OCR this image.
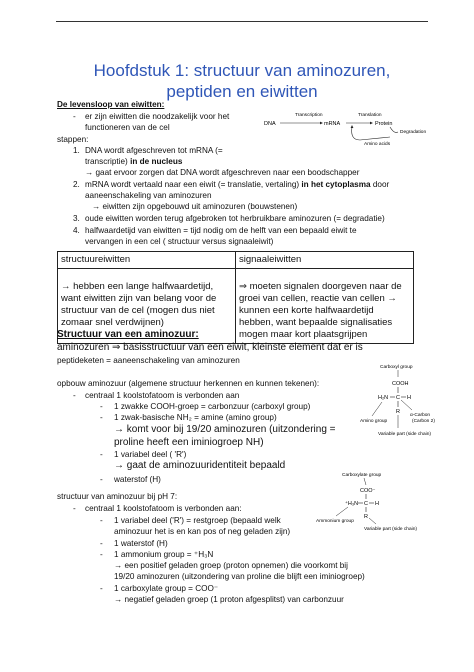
Hoofdstuk 1: structuur van aminozuren,
peptiden en eiwitten
De levensloop van eiwitten:
- er zijn eiwitten die noodzakelijk voor het
functioneren van de cel
stappen:
1. DNA wordt afgeschreven tot mRNA (=
transcriptie) in de nucleus
→ gaat ervoor zorgen dat DNA wordt afgeschreven naar een boodschapper
2. mRNA wordt vertaald naar een eiwit (= translatie, vertaling) in het cytoplasma door
aaneenschakeling van aminozuren
→ eiwitten zijn opgebouwd uit aminozuren (bouwstenen)
3. oude eiwitten worden terug afgebroken tot herbruikbare aminozuren (= degradatie)
4. halfwaardetijd van eiwitten = tijd nodig om de helft van een bepaald eiwit te
vervangen in een cel ( structuur versus signaaleiwit)
DNA
Transcription
mRNA
Translation
Protein
Degradation
Amino acids
structuureiwitten	signaaleiwitten
→ hebben een lange halfwaardetijd, want eiwitten zijn van belang voor de structuur van de cel (mogen dus niet zomaar snel verdwijnen)	⇒ moeten signalen doorgeven naar de groei van cellen, reactie van cellen → kunnen een korte halfwaardetijd hebben, want bepaalde signalisaties mogen maar kort plaatsgrijpen
Structuur van een aminozuur:
aminozuren ⇒ basisstructuur van een eiwit, kleinste element dat er is
peptideketen = aaneenschakeling van aminozuren
opbouw aminozuur (algemene structuur herkennen en kunnen tekenen):
- centraal 1 koolstofatoom is verbonden aan
- 1 zwakke COOH-groep = carbonzuur (carboxyl group)
- 1 zwak-basische NH₂ = amine (amino group)
→ komt voor bij 19/20 aminozuren (uitzondering =
proline heeft een iminiogroep NH)
- 1 variabel deel ( 'R')
→ gaat de aminozuuridentiteit bepaald
- waterstof (H)
Carboxyl group
COOH
H₂N C H
R
Amino group
α-Carbon
(Carbon 2)
Variable part (side chain)
structuur van aminozuur bij pH 7:
- centraal 1 koolstofatoom is verbonden aan:
- 1 variabel deel ('R') = restgroep (bepaald welk
aminozuur het is en kan pos of neg geladen zijn)
- 1 waterstof (H)
- 1 ammonium group = ⁺H₃N
→ een positief geladen groep (proton opnemen) die voorkomt bij
19/20 aminozuren (uitzondering van proline die blijft een iminiogroep)
- 1 carboxylate group = COO⁻
→ negatief geladen groep (1 proton afgesplitst) van carbonzuur
Carboxylate group
COO⁻
⁺H₃N C H
R
Ammonium group
Variable part (side chain)
